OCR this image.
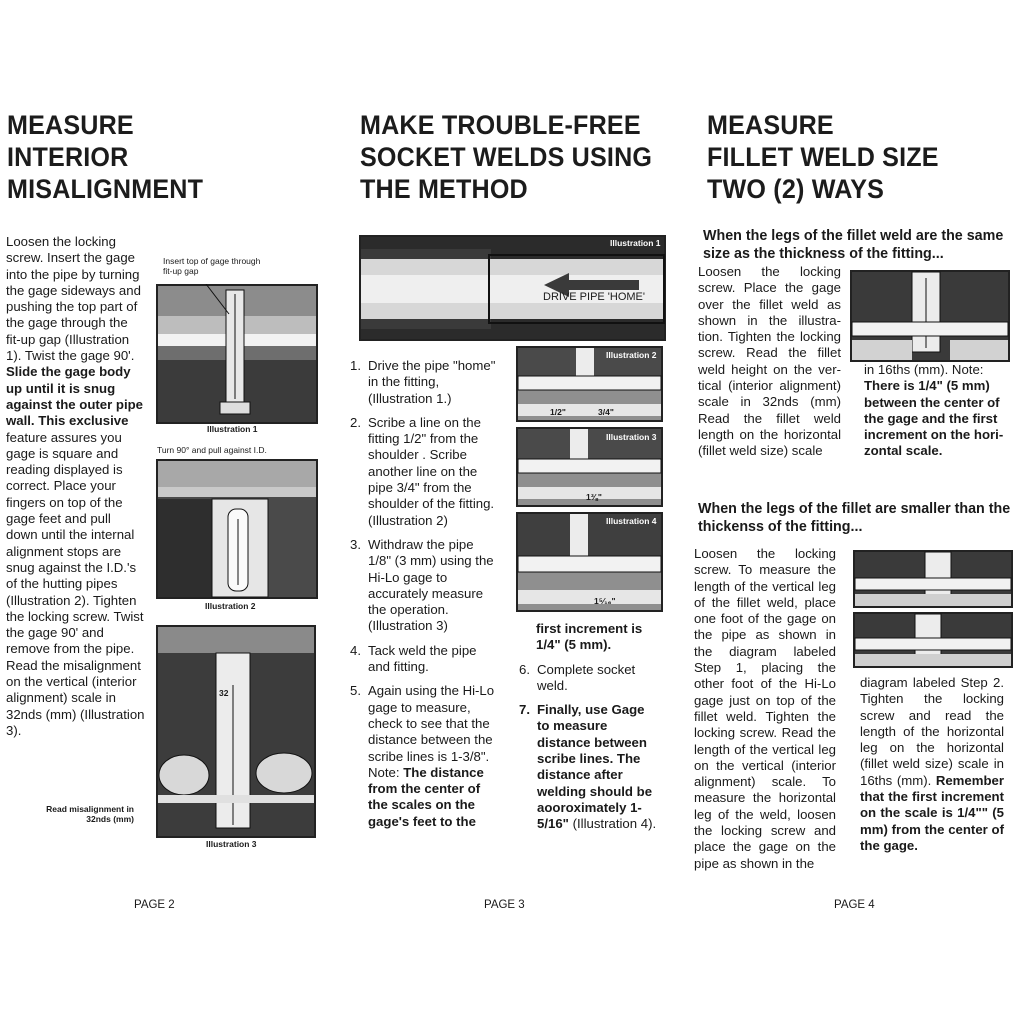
MEASURE
INTERIOR
MISALIGNMENT
Loosen the locking screw. Insert the gage into the pipe by turning the gage sideways and pushing the top part of the gage through the fit-up gap (Illustration 1). Twist the gage 90'. Slide the gage body up until it is snug against the outer pipe wall. This exclusive feature assures you gage is square and reading displayed is correct. Place your fingers on top of the gage feet and pull down until the internal alignment stops are snug against the I.D.'s of the hutting pipes (Illustration 2). Tighten the locking screw. Twist the gage 90' and remove from the pipe. Read the misalignment on the vertical (interior alignment) scale in 32nds (mm) (Illustration 3).
Insert top of gage through fit-up gap
Illustration 1
Turn 90° and pull against I.D.
Illustration 2
32
Illustration 3
Read misalignment in 32nds (mm)
PAGE 2
MAKE TROUBLE-FREE
SOCKET WELDS USING
THE METHOD
DRIVE PIPE 'HOME'
Illustration 1
Illustration 2
1/2"	3/4"
Illustration 3
1⅜"
Illustration 4
1⁵⁄₁₆"
1. Drive the pipe "home" in the fitting, (Illustration 1.)
2. Scribe a line on the fitting 1/2" from the shoulder . Scribe another line on the pipe 3/4" from the shoulder of the fitting. (Illustration 2)
3. Withdraw the pipe 1/8" (3 mm) using the Hi-Lo gage to accurately measure the operation. (Illustration 3)
4. Tack weld the pipe and fitting.
5. Again using the Hi-Lo gage to measure, check to see that the distance between the scribe lines is 1-3/8". Note: The distance from the center of the scales on the gage's feet to the
first increment is 1/4" (5 mm).
6. Complete socket weld.
7. Finally, use Gage to measure distance between scribe lines. The distance after welding should be aooroximately 1-5/16" (Illustration 4).
PAGE 3
MEASURE
FILLET WELD SIZE
TWO (2) WAYS
When the legs of the fillet weld are the same size as the thickness of the fitting...
Loosen the locking screw. Place the gage over the fillet weld as shown in the illustra-tion. Tighten the locking screw. Read the fillet weld height on the ver-tical (interior alignment) scale in 32nds (mm) Read the fillet weld length on the horizontal (fillet weld size) scale
in 16ths (mm). Note: There is 1/4" (5 mm) between the center of the gage and the first increment on the hori-zontal scale.
When the legs of the fillet are smaller than the thickenss of the fitting...
Loosen the locking screw. To measure the length of the vertical leg of the fillet weld, place one foot of the gage on the pipe as shown in the diagram labeled Step 1, placing the other foot of the Hi-Lo gage just on top of the fillet weld. Tighten the locking screw. Read the length of the vertical leg on the vertical (interior alignment) scale. To measure the horizontal leg of the weld, loosen the locking screw and place the gage on the pipe as shown in the
diagram labeled Step 2. Tighten the locking screw and read the length of the horizontal leg on the horizontal (fillet weld size) scale in 16ths (mm). Remember that the first increment on the scale is 1/4"" (5 mm) from the center of the gage.
PAGE 4
